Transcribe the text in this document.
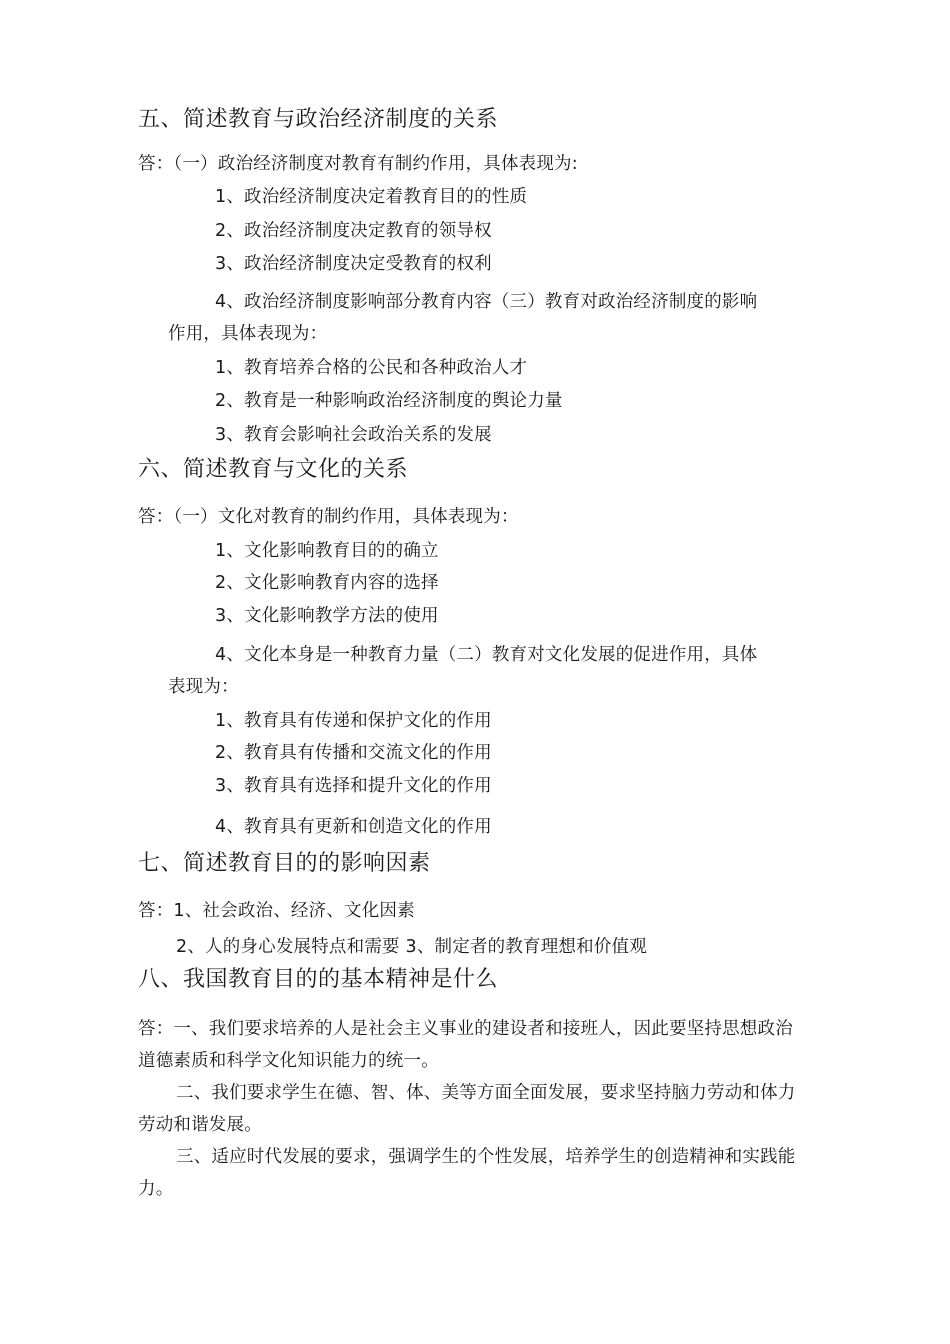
五、简述教育与政治经济制度的关系
答：（一）政治经济制度对教育有制约作用，具体表现为:
1、政治经济制度决定着教育目的的性质
2、政治经济制度决定教育的领导权
3、政治经济制度决定受教育的权利
4、政治经济制度影响部分教育内容（三）教育对政治经济制度的影响
作用，具体表现为：
1、教育培养合格的公民和各种政治人才
2、教育是一种影响政治经济制度的舆论力量
3、教育会影响社会政治关系的发展
六、简述教育与文化的关系
答：（一）文化对教育的制约作用，具体表现为：
1、文化影响教育目的的确立
2、文化影响教育内容的选择
3、文化影响教学方法的使用
4、文化本身是一种教育力量（二）教育对文化发展的促进作用，具体
表现为：
1、教育具有传递和保护文化的作用
2、教育具有传播和交流文化的作用
3、教育具有选择和提升文化的作用
4、教育具有更新和创造文化的作用
七、简述教育目的的影响因素
答：1、社会政治、经济、文化因素
2、人的身心发展特点和需要 3、制定者的教育理想和价值观
八、我国教育目的的基本精神是什么
答：一、我们要求培养的人是社会主义事业的建设者和接班人，因此要坚持思想政治道德素质和科学文化知识能力的统一。
二、我们要求学生在德、智、体、美等方面全面发展，要求坚持脑力劳动和体力劳动和谐发展。
三、适应时代发展的要求，强调学生的个性发展，培养学生的创造精神和实践能力。
